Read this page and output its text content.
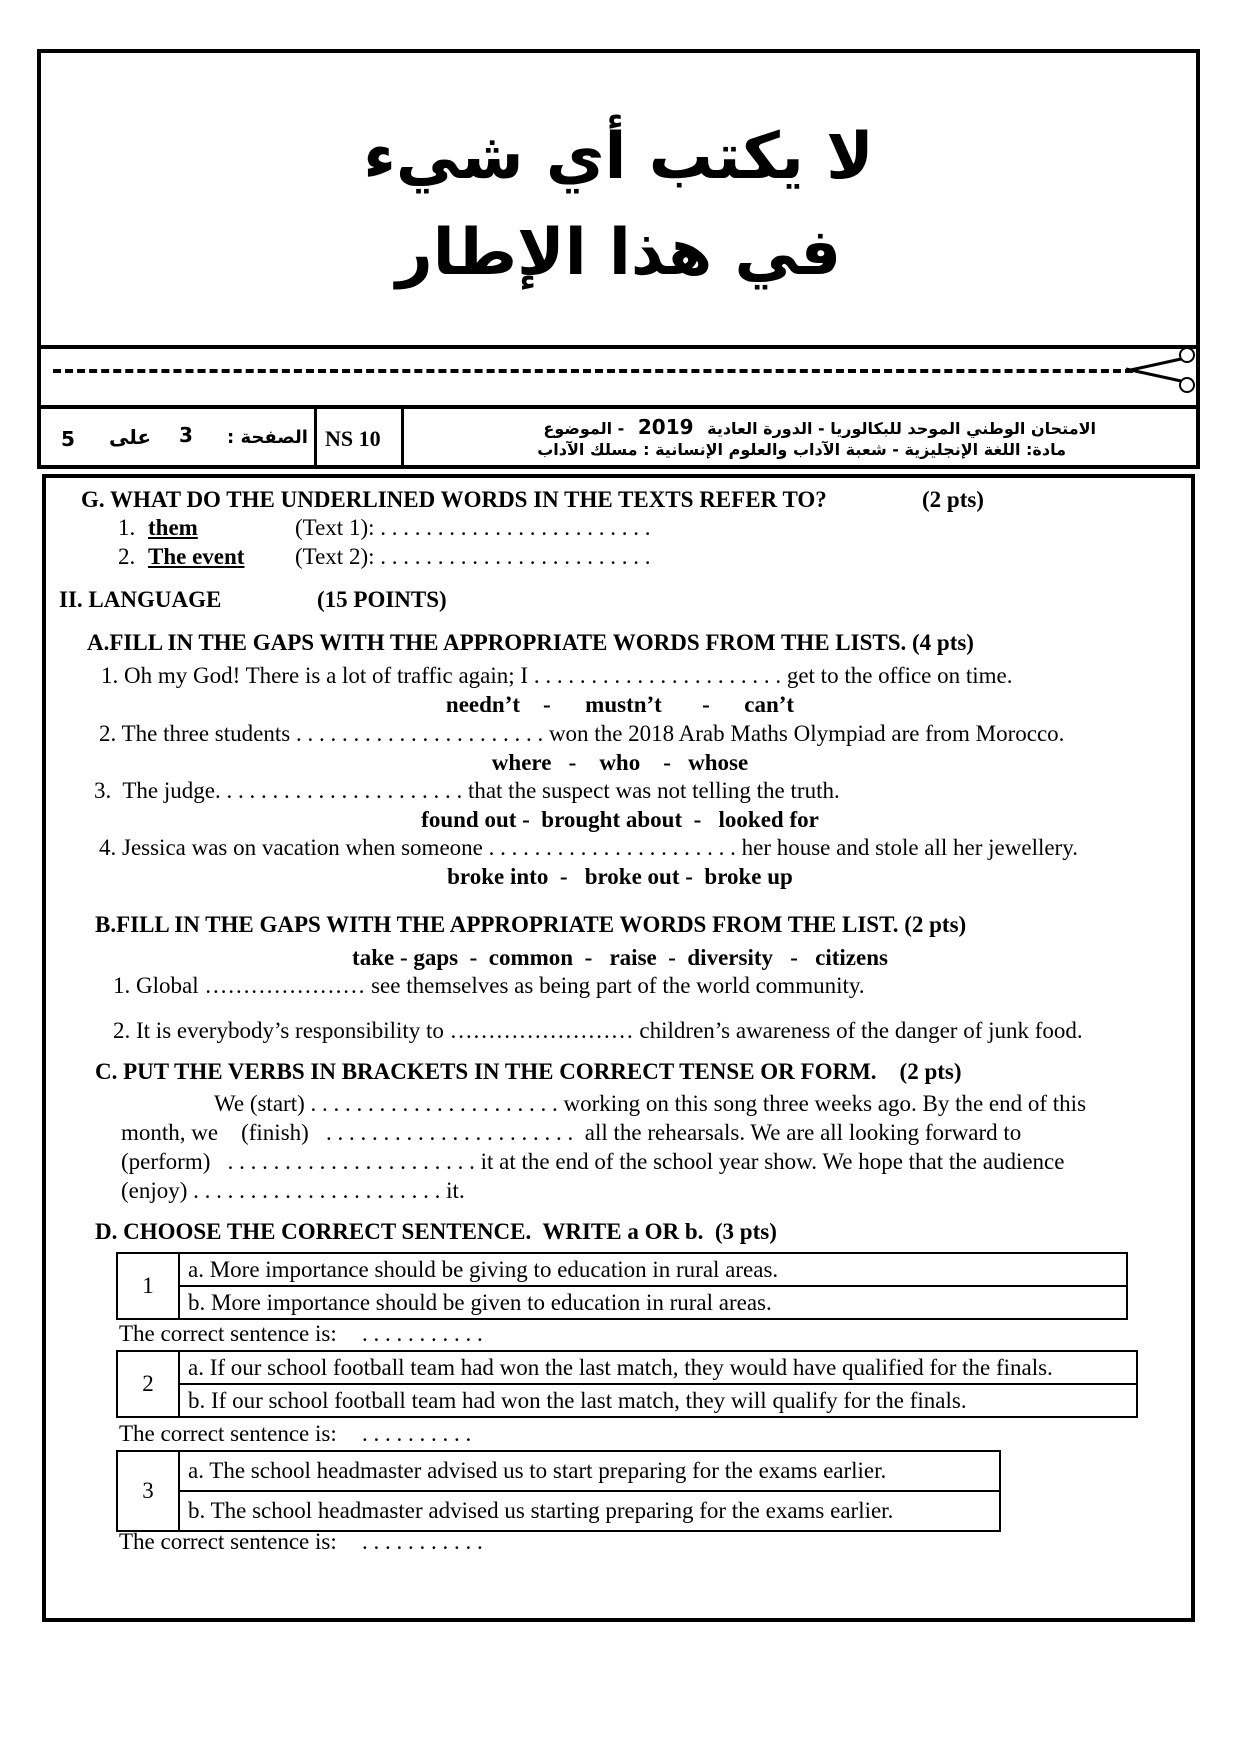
لا يكتب أي شيء
في هذا الإطار
5 على 3 الصفحة : NS 10	الامتحان الوطني الموحد للبكالوريا - الدورة العادية 2019 - الموضوع
مادة: اللغة الإنجليزية - شعبة الآداب والعلوم الإنسانية : مسلك الآداب
G. WHAT DO THE UNDERLINED WORDS IN THE TEXTS REFER TO?	(2 pts)
1. them	(Text 1): . . . . . . . . . . . . . . . . . . . . . . . .
2. The event (Text 2): . . . . . . . . . . . . . . . . . . . . . . . .
II. LANGUAGE	(15 POINTS)
A.FILL IN THE GAPS WITH THE APPROPRIATE WORDS FROM THE LISTS. (4 pts)
1. Oh my God! There is a lot of traffic again; I . . . . . . . . . . . . . . . . . . . . . . get to the office on time.
needn’t    -      mustn’t       -      can’t
2. The three students . . . . . . . . . . . . . . . . . . . . . . won the 2018 Arab Maths Olympiad are from Morocco.
where   -    who    -   whose
3.  The judge. . . . . . . . . . . . . . . . . . . . . . that the suspect was not telling the truth.
found out -  brought about  -   looked for
4. Jessica was on vacation when someone . . . . . . . . . . . . . . . . . . . . . . her house and stole all her jewellery.
broke into  -   broke out -  broke up
B.FILL IN THE GAPS WITH THE APPROPRIATE WORDS FROM THE LIST. (2 pts)
take - gaps  -  common  -   raise  -  diversity   -   citizens
1. Global ………………… see themselves as being part of the world community.
2. It is everybody’s responsibility to …………………… children’s awareness of the danger of junk food.
C. PUT THE VERBS IN BRACKETS IN THE CORRECT TENSE OR FORM.    (2 pts)
We (start) . . . . . . . . . . . . . . . . . . . . . . working on this song three weeks ago. By the end of this
month, we    (finish)   . . . . . . . . . . . . . . . . . . . . . .  all the rehearsals. We are all looking forward to
(perform)   . . . . . . . . . . . . . . . . . . . . . . it at the end of the school year show. We hope that the audience
(enjoy) . . . . . . . . . . . . . . . . . . . . . . it.
D. CHOOSE THE CORRECT SENTENCE.  WRITE a OR b.  (3 pts)
1	a. More importance should be giving to education in rural areas.
b. More importance should be given to education in rural areas.
The correct sentence is: . . . . . . . . . . .
2	a. If our school football team had won the last match, they would have qualified for the finals.
b. If our school football team had won the last match, they will qualify for the finals.
The correct sentence is: . . . . . . . . . .
3	a. The school headmaster advised us to start preparing for the exams earlier.
b. The school headmaster advised us starting preparing for the exams earlier.
The correct sentence is: . . . . . . . . . . .
